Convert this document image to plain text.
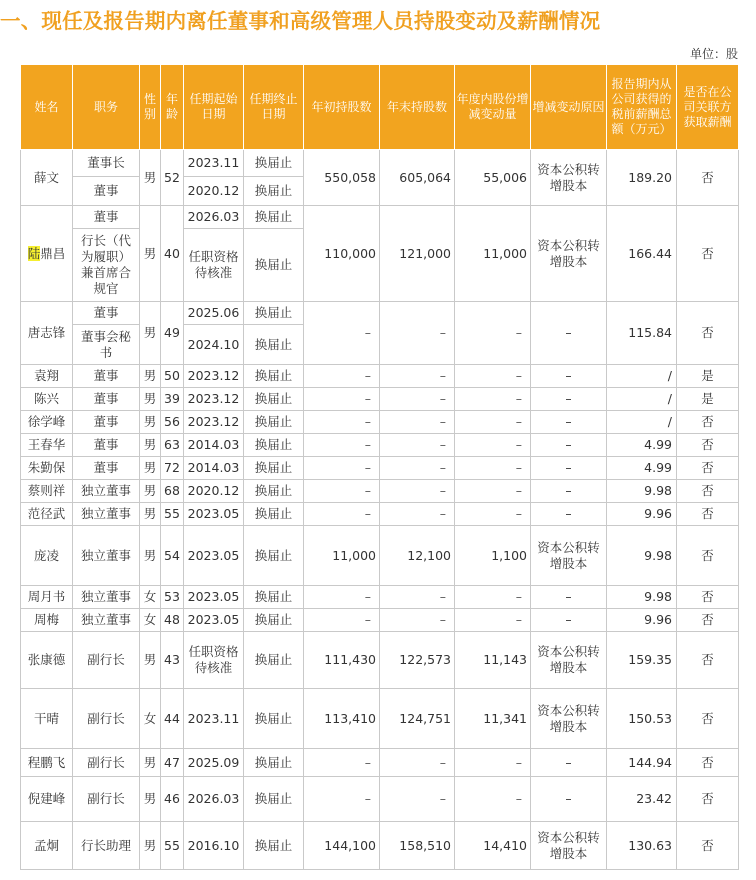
一、现任及报告期内离任董事和高级管理人员持股变动及薪酬情况
单位：股
姓名	职务	性别	年龄	任期起始日期	任期终止日期	年初持股数	年末持股数	年度内股份增减变动量	增减变动原因	报告期内从公司获得的税前薪酬总额（万元）	是否在公司关联方获取薪酬
薛文	董事长	男	52	2023.11	换届止	550,058	605,064	55,006	资本公积转增股本	189.20	否
	董事			2020.12	换届止						
陆鼎昌	董事	男	40	2026.03	换届止	110,000	121,000	11,000	资本公积转增股本	166.44	否
	行长（代为履职）兼首席合规官			任职资格待核准	换届止						
唐志锋	董事	男	49	2025.06	换届止	–	–	–	–	115.84	否
	董事会秘书			2024.10	换届止						
袁翔	董事	男	50	2023.12	换届止	–	–	–	–	/	是
陈兴	董事	男	39	2023.12	换届止	–	–	–	–	/	是
徐学峰	董事	男	56	2023.12	换届止	–	–	–	–	/	否
王春华	董事	男	63	2014.03	换届止	–	–	–	–	4.99	否
朱勤保	董事	男	72	2014.03	换届止	–	–	–	–	4.99	否
蔡则祥	独立董事	男	68	2020.12	换届止	–	–	–	–	9.98	否
范径武	独立董事	男	55	2023.05	换届止	–	–	–	–	9.96	否
庞凌	独立董事	男	54	2023.05	换届止	11,000	12,100	1,100	资本公积转增股本	9.98	否
周月书	独立董事	女	53	2023.05	换届止	–	–	–	–	9.98	否
周梅	独立董事	女	48	2023.05	换届止	–	–	–	–	9.96	否
张康德	副行长	男	43	任职资格待核准	换届止	111,430	122,573	11,143	资本公积转增股本	159.35	否
干晴	副行长	女	44	2023.11	换届止	113,410	124,751	11,341	资本公积转增股本	150.53	否
程鹏飞	副行长	男	47	2025.09	换届止	–	–	–	–	144.94	否
倪建峰	副行长	男	46	2026.03	换届止	–	–	–	–	23.42	否
孟炯	行长助理	男	55	2016.10	换届止	144,100	158,510	14,410	资本公积转增股本	130.63	否
